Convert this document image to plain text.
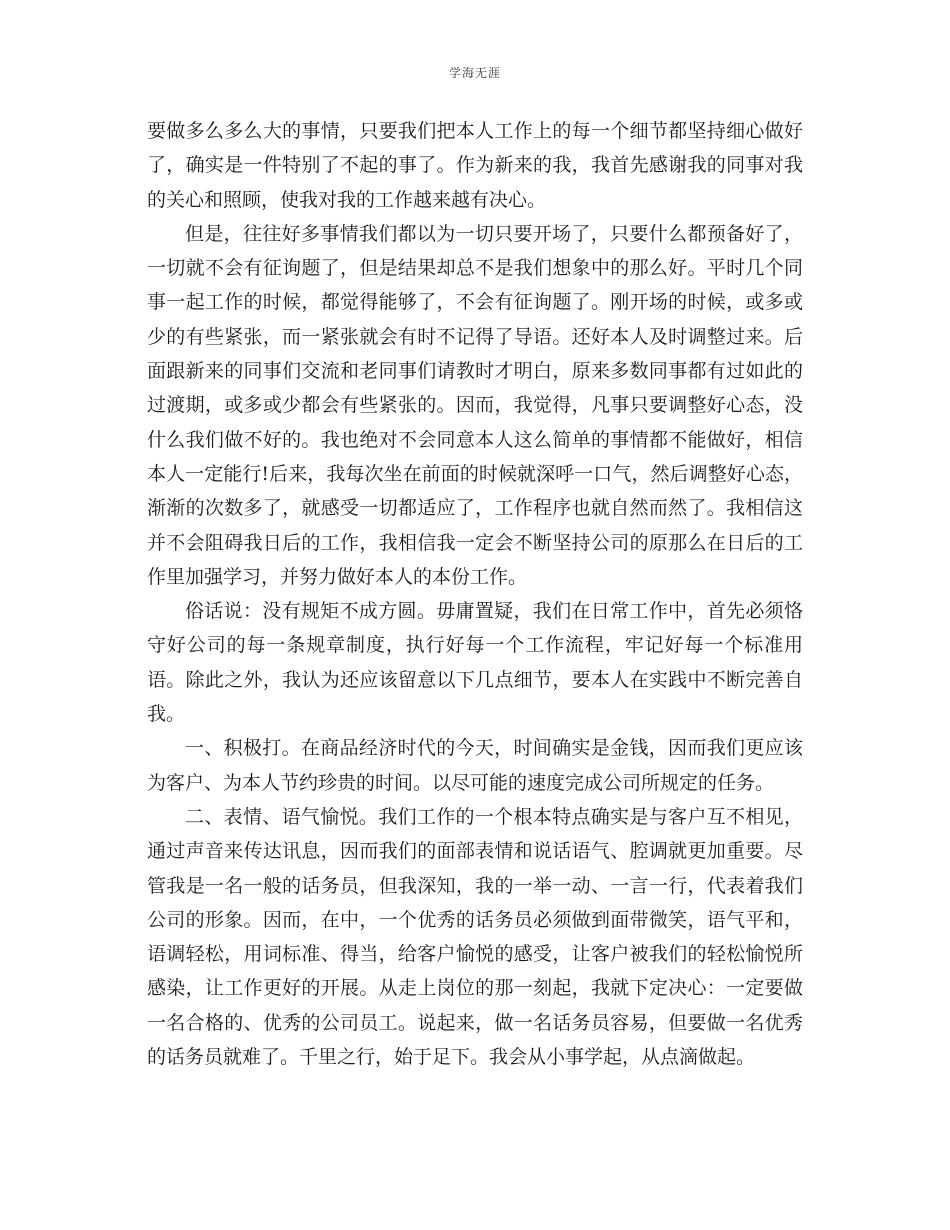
学海无涯

要做多么多么大的事情，只要我们把本人工作上的每一个细节都坚持细心做好了，确实是一件特别了不起的事了。作为新来的我，我首先感谢我的同事对我的关心和照顾，使我对我的工作越来越有决心。

但是，往往好多事情我们都以为一切只要开场了，只要什么都预备好了，一切就不会有征询题了，但是结果却总不是我们想象中的那么好。平时几个同事一起工作的时候，都觉得能够了，不会有征询题了。刚开场的时候，或多或少的有些紧张，而一紧张就会有时不记得了导语。还好本人及时调整过来。后面跟新来的同事们交流和老同事们请教时才明白，原来多数同事都有过如此的过渡期，或多或少都会有些紧张的。因而，我觉得，凡事只要调整好心态，没什么我们做不好的。我也绝对不会同意本人这么简单的事情都不能做好，相信本人一定能行!后来，我每次坐在前面的时候就深呼一口气，然后调整好心态，渐渐的次数多了，就感受一切都适应了，工作程序也就自然而然了。我相信这并不会阻碍我日后的工作，我相信我一定会不断坚持公司的原那么在日后的工作里加强学习，并努力做好本人的本份工作。

俗话说：没有规矩不成方圆。毋庸置疑，我们在日常工作中，首先必须恪守好公司的每一条规章制度，执行好每一个工作流程，牢记好每一个标准用语。除此之外，我认为还应该留意以下几点细节，要本人在实践中不断完善自我。

一、积极打。在商品经济时代的今天，时间确实是金钱，因而我们更应该为客户、为本人节约珍贵的时间。以尽可能的速度完成公司所规定的任务。

二、表情、语气愉悦。我们工作的一个根本特点确实是与客户互不相见，通过声音来传达讯息，因而我们的面部表情和说话语气、腔调就更加重要。尽管我是一名一般的话务员，但我深知，我的一举一动、一言一行，代表着我们公司的形象。因而，在中，一个优秀的话务员必须做到面带微笑，语气平和，语调轻松，用词标准、得当，给客户愉悦的感受，让客户被我们的轻松愉悦所感染，让工作更好的开展。从走上岗位的那一刻起，我就下定决心：一定要做一名合格的、优秀的公司员工。说起来，做一名话务员容易，但要做一名优秀的话务员就难了。千里之行，始于足下。我会从小事学起，从点滴做起。
